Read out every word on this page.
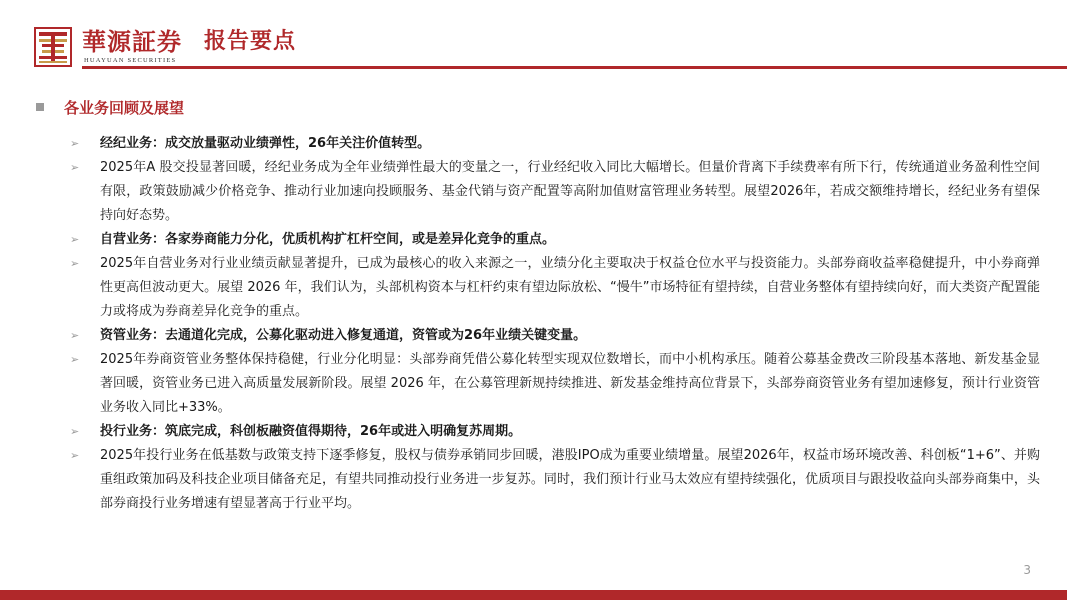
華源証券
HUAYUAN SECURITIES
报告要点
各业务回顾及展望
➢	经纪业务：成交放量驱动业绩弹性，26年关注价值转型。
➢	2025年A 股交投显著回暖，经纪业务成为全年业绩弹性最大的变量之一，行业经纪收入同比大幅增长。但量价背离下手续费率有所下行，传统通道业务盈利性空间有限，政策鼓励减少价格竞争、推动行业加速向投顾服务、基金代销与资产配置等高附加值财富管理业务转型。展望2026年，若成交额维持增长，经纪业务有望保持向好态势。
➢	自营业务：各家券商能力分化，优质机构扩杠杆空间，或是差异化竞争的重点。
➢	2025年自营业务对行业业绩贡献显著提升，已成为最核心的收入来源之一，业绩分化主要取决于权益仓位水平与投资能力。头部券商收益率稳健提升，中小券商弹性更高但波动更大。展望 2026 年，我们认为，头部机构资本与杠杆约束有望边际放松、“慢牛”市场特征有望持续，自营业务整体有望持续向好，而大类资产配置能力或将成为券商差异化竞争的重点。
➢	资管业务：去通道化完成，公募化驱动进入修复通道，资管或为26年业绩关键变量。
➢	2025年券商资管业务整体保持稳健，行业分化明显：头部券商凭借公募化转型实现双位数增长，而中小机构承压。随着公募基金费改三阶段基本落地、新发基金显著回暖，资管业务已进入高质量发展新阶段。展望 2026 年，在公募管理新规持续推进、新发基金维持高位背景下，头部券商资管业务有望加速修复，预计行业资管业务收入同比+33%。
➢	投行业务：筑底完成，科创板融资值得期待，26年或进入明确复苏周期。
➢	2025年投行业务在低基数与政策支持下逐季修复，股权与债券承销同步回暖，港股IPO成为重要业绩增量。展望2026年，权益市场环境改善、科创板“1+6”、并购重组政策加码及科技企业项目储备充足，有望共同推动投行业务进一步复苏。同时，我们预计行业马太效应有望持续强化，优质项目与跟投收益向头部券商集中，头部券商投行业务增速有望显著高于行业平均。
3
